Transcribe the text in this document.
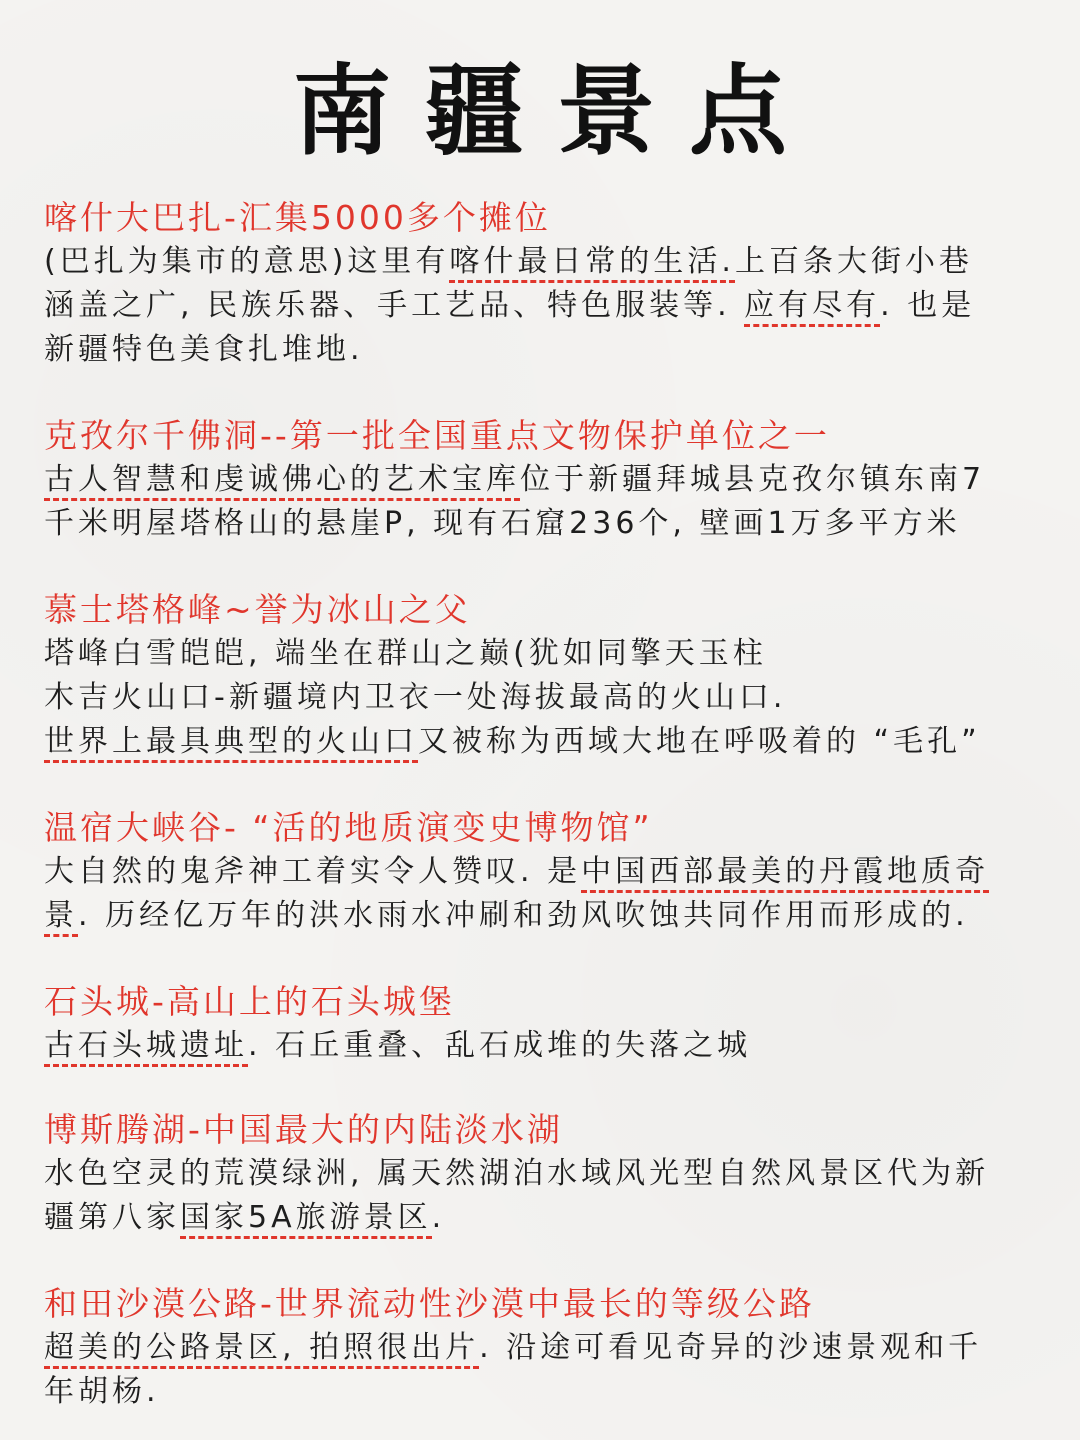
南疆景点
喀什大巴扎-汇集5000多个摊位
(巴扎为集市的意思)这里有喀什最日常的生活.上百条大街小巷
涵盖之广, 民族乐器、手工艺品、特色服装等. 应有尽有. 也是
新疆特色美食扎堆地.
克孜尔千佛洞--第一批全国重点文物保护单位之一
古人智慧和虔诚佛心的艺术宝库位于新疆拜城县克孜尔镇东南7
千米明屋塔格山的悬崖P, 现有石窟236个, 壁画1万多平方米
慕士塔格峰~誉为冰山之父
塔峰白雪皑皑, 端坐在群山之巅(犹如同擎天玉柱
木吉火山口-新疆境内卫衣一处海拔最高的火山口.
世界上最具典型的火山口又被称为西域大地在呼吸着的 “毛孔”
温宿大峡谷- “活的地质演变史博物馆”
大自然的鬼斧神工着实令人赞叹. 是中国西部最美的丹霞地质奇
景. 历经亿万年的洪水雨水冲刷和劲风吹蚀共同作用而形成的.
石头城-高山上的石头城堡
古石头城遗址. 石丘重叠、乱石成堆的失落之城
博斯腾湖-中国最大的内陆淡水湖
水色空灵的荒漠绿洲, 属天然湖泊水域风光型自然风景区代为新
疆第八家国家5A旅游景区.
和田沙漠公路-世界流动性沙漠中最长的等级公路
超美的公路景区, 拍照很出片. 沿途可看见奇异的沙速景观和千
年胡杨.
